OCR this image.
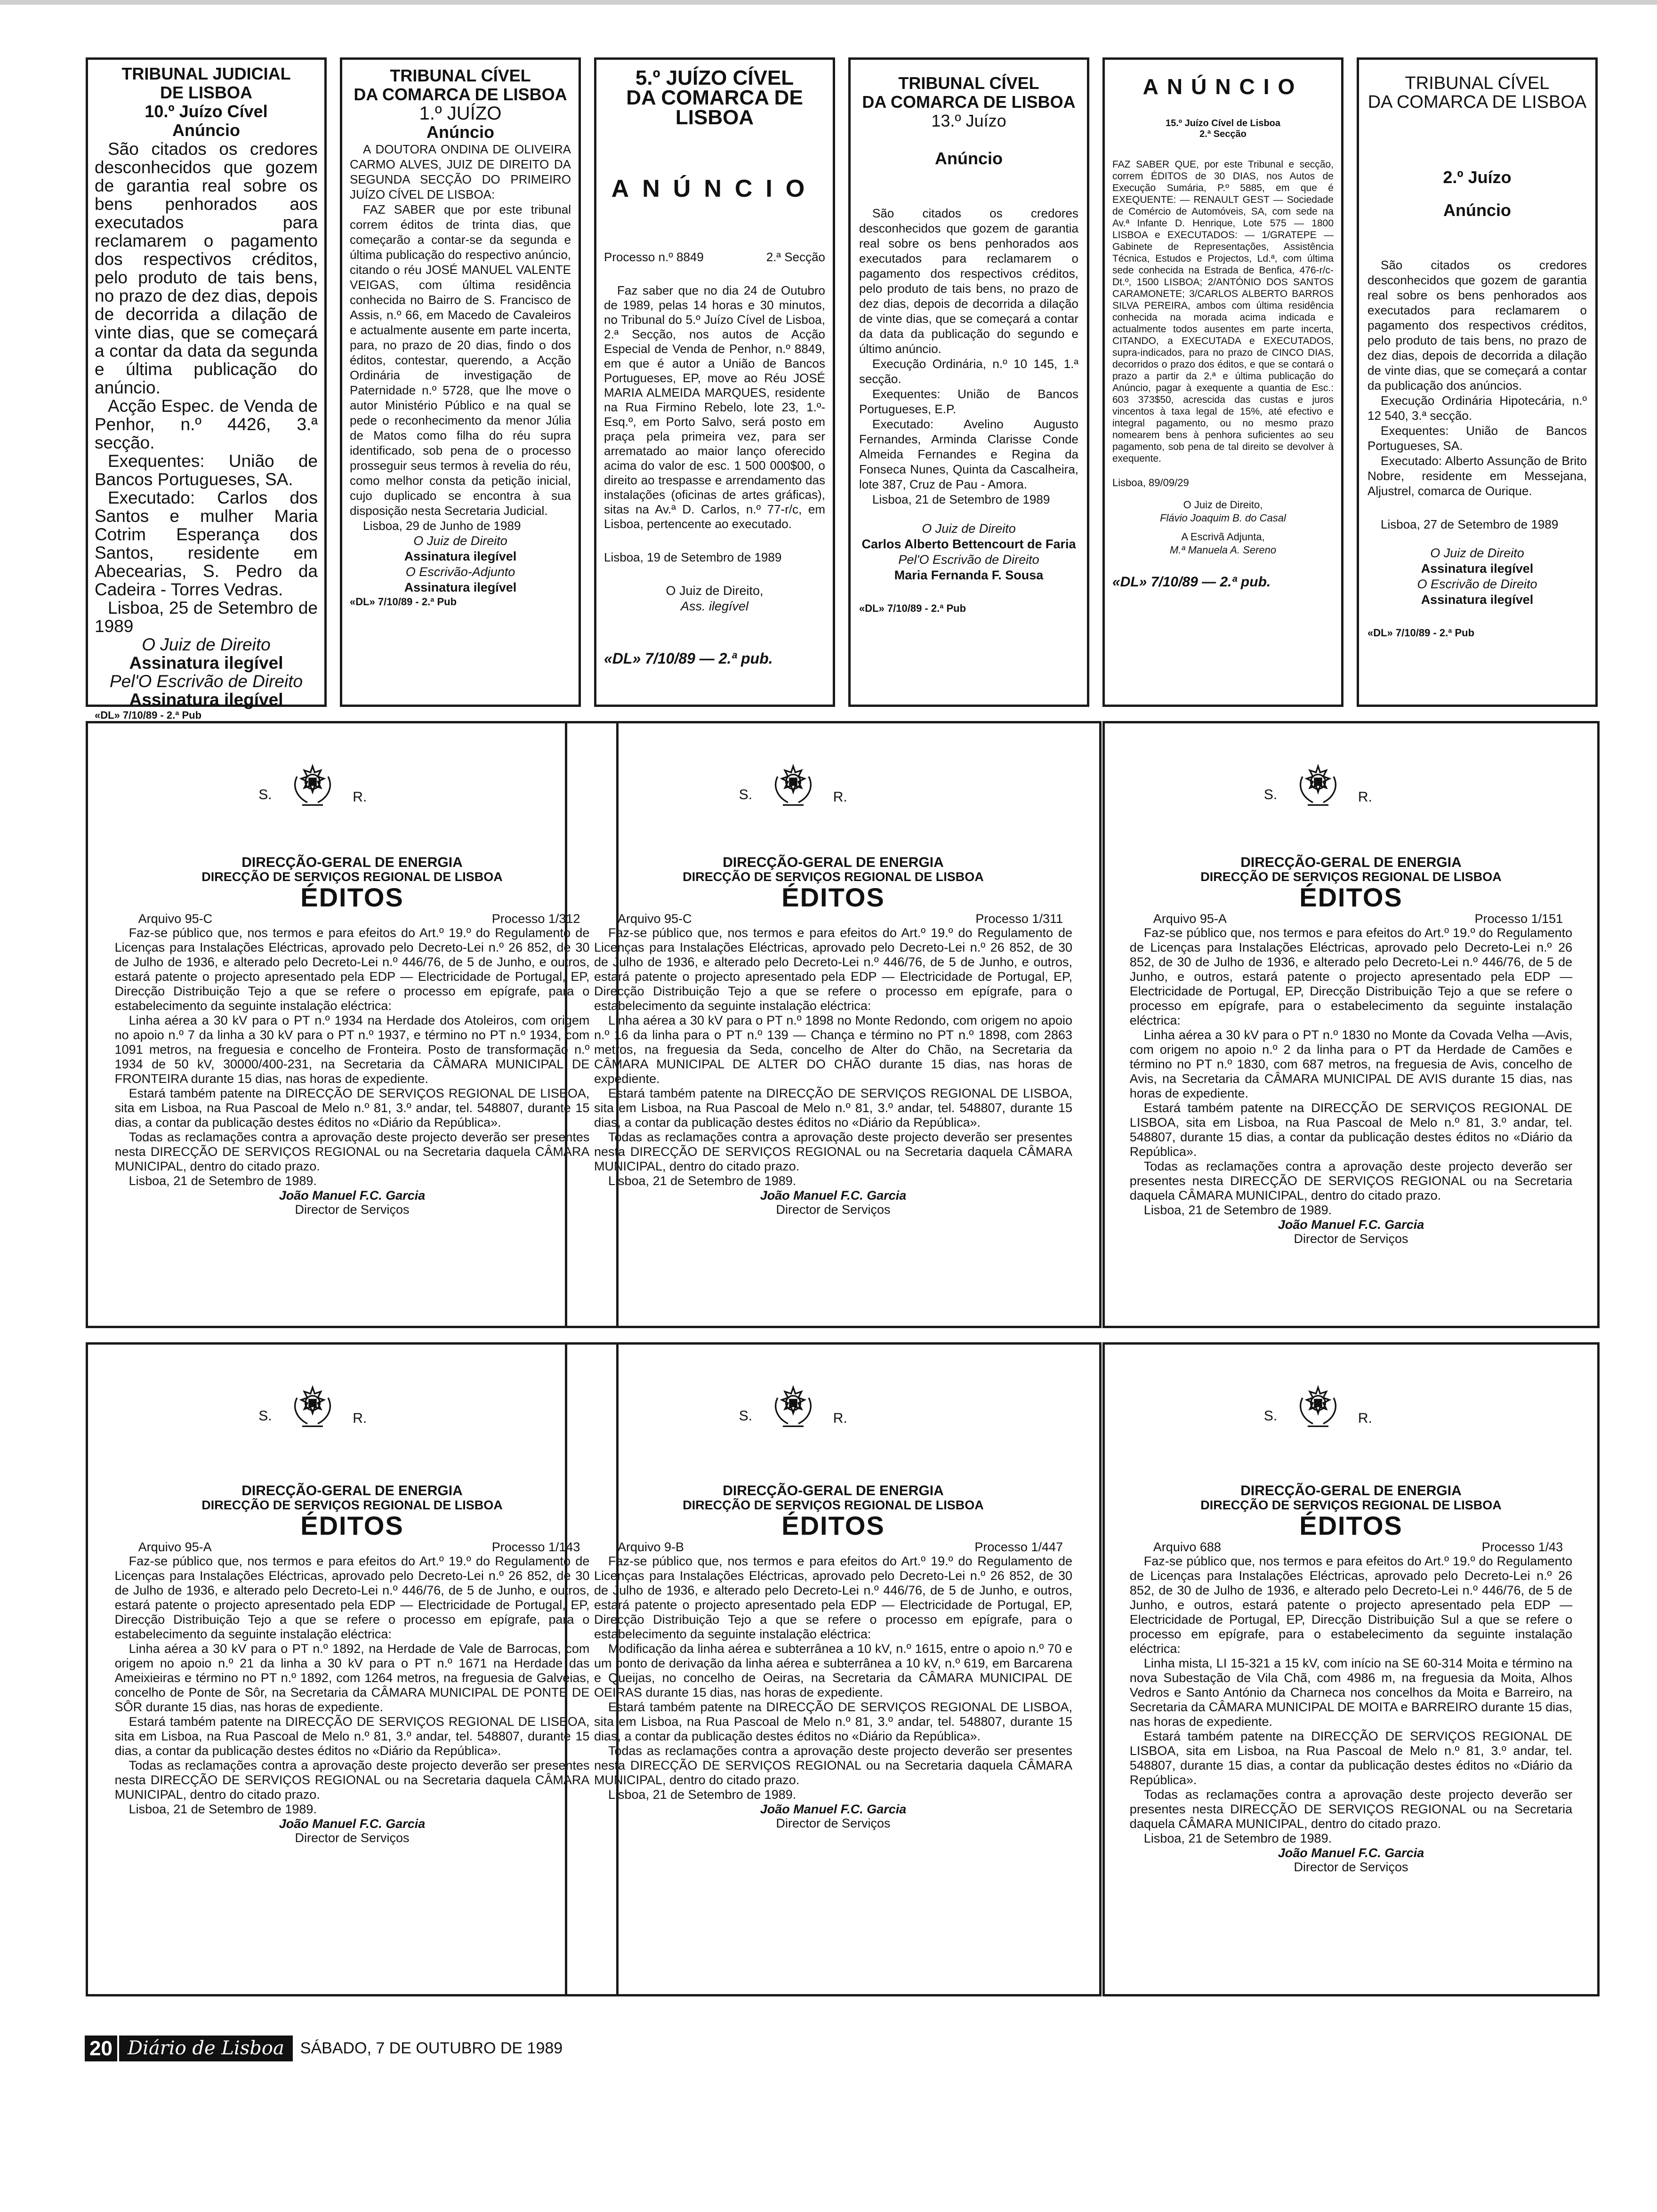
TRIBUNAL JUDICIAL

DE LISBOA

10.º Juízo Cível

Anúncio

São citados os credores desconhecidos que gozem de garantia real sobre os bens penhorados aos executados para reclamarem o pagamento dos respectivos créditos, pelo produto de tais bens, no prazo de dez dias, depois de decorrida a dilação de vinte dias, que se começará a contar da data da segunda e última publicação do anúncio.

Acção Espec. de Venda de Penhor, n.º 4426, 3.ª secção.

Exequentes: União de Bancos Portugueses, SA.

Executado: Carlos dos Santos e mulher Maria Cotrim Esperança dos Santos, residente em Abecearias, S. Pedro da Cadeira - Torres Vedras.

Lisboa, 25 de Setembro de 1989

O Juiz de Direito

Assinatura ilegível

Pel'O Escrivão de Direito

Assinatura ilegível

«DL» 7/10/89 - 2.ª Pub

TRIBUNAL CÍVEL

DA COMARCA DE LISBOA

1.º JUÍZO

Anúncio

A DOUTORA ONDINA DE OLIVEIRA CARMO ALVES, JUIZ DE DIREITO DA SEGUNDA SECÇÃO DO PRIMEIRO JUÍZO CÍVEL DE LISBOA:

FAZ SABER que por este tribunal correm éditos de trinta dias, que começarão a contar-se da segunda e última publicação do respectivo anúncio, citando o réu JOSÉ MANUEL VALENTE VEIGAS, com última residência conhecida no Bairro de S. Francisco de Assis, n.º 66, em Macedo de Cavaleiros e actualmente ausente em parte incerta, para, no prazo de 20 dias, findo o dos éditos, contestar, querendo, a Acção Ordinária de investigação de Paternidade n.º 5728, que lhe move o autor Ministério Público e na qual se pede o reconhecimento da menor Júlia de Matos como filha do réu supra identificado, sob pena de o processo prosseguir seus termos à revelia do réu, como melhor consta da petição inicial, cujo duplicado se encontra à sua disposição nesta Secretaria Judicial.

Lisboa, 29 de Junho de 1989

O Juiz de Direito

Assinatura ilegível

O Escrivão-Adjunto

Assinatura ilegível

«DL» 7/10/89 - 2.ª Pub

5.º JUÍZO CÍVEL

DA COMARCA DE

LISBOA

ANÚNCIO

Processo n.º 8849	2.ª Secção

Faz saber que no dia 24 de Outubro de 1989, pelas 14 horas e 30 minutos, no Tribunal do 5.º Juízo Cível de Lisboa, 2.ª Secção, nos autos de Acção Especial de Venda de Penhor, n.º 8849, em que é autor a União de Bancos Portugueses, EP, move ao Réu JOSÉ MARIA ALMEIDA MARQUES, residente na Rua Firmino Rebelo, lote 23, 1.º-Esq.º, em Porto Salvo, será posto em praça pela primeira vez, para ser arrematado ao maior lanço oferecido acima do valor de esc. 1 500 000$00, o direito ao trespasse e arrendamento das instalações (oficinas de artes gráficas), sitas na Av.ª D. Carlos, n.º 77-r/c, em Lisboa, pertencente ao executado.

Lisboa, 19 de Setembro de 1989

O Juiz de Direito,

Ass. ilegível

«DL» 7/10/89 — 2.ª pub.

TRIBUNAL CÍVEL

DA COMARCA DE LISBOA

13.º Juízo

Anúncio

São citados os credores desconhecidos que gozem de garantia real sobre os bens penhorados aos executados para reclamarem o pagamento dos respectivos créditos, pelo produto de tais bens, no prazo de dez dias, depois de decorrida a dilação de vinte dias, que se começará a contar da data da publicação do segundo e último anúncio.

Execução Ordinária, n.º 10 145, 1.ª secção.

Exequentes: União de Bancos Portugueses, E.P.

Executado: Avelino Augusto Fernandes, Arminda Clarisse Conde Almeida Fernandes e Regina da Fonseca Nunes, Quinta da Cascalheira, lote 387, Cruz de Pau - Amora.

Lisboa, 21 de Setembro de 1989

O Juiz de Direito

Carlos Alberto Bettencourt de Faria

Pel'O Escrivão de Direito

Maria Fernanda F. Sousa

«DL» 7/10/89 - 2.ª Pub

ANÚNCIO

15.º Juízo Cível de Lisboa

2.ª Secção

FAZ SABER QUE, por este Tribunal e secção, correm ÉDITOS de 30 DIAS, nos Autos de Execução Sumária, P.º 5885, em que é EXEQUENTE: — RENAULT GEST — Sociedade de Comércio de Automóveis, SA, com sede na Av.ª Infante D. Henrique, Lote 575 — 1800 LISBOA e EXECUTADOS: — 1/GRATEPE — Gabinete de Representações, Assistência Técnica, Estudos e Projectos, Ld.ª, com última sede conhecida na Estrada de Benfica, 476-r/c-Dt.º, 1500 LISBOA; 2/ANTÓNIO DOS SANTOS CARAMONETE; 3/CARLOS ALBERTO BARROS SILVA PEREIRA, ambos com última residência conhecida na morada acima indicada e actualmente todos ausentes em parte incerta, CITANDO, a EXECUTADA e EXECUTADOS, supra-indicados, para no prazo de CINCO DIAS, decorridos o prazo dos éditos, e que se contará o prazo a partir da 2.ª e última publicação do Anúncio, pagar à exequente a quantia de Esc.: 603 373$50, acrescida das custas e juros vincentos à taxa legal de 15%, até efectivo e integral pagamento, ou no mesmo prazo nomearem bens à penhora suficientes ao seu pagamento, sob pena de tal direito se devolver à exequente.

Lisboa, 89/09/29

O Juiz de Direito,

Flávio Joaquim B. do Casal

A Escrivã Adjunta,

M.ª Manuela A. Sereno

«DL» 7/10/89 — 2.ª pub.

TRIBUNAL CÍVEL

DA COMARCA DE LISBOA

2.º Juízo

Anúncio

São citados os credores desconhecidos que gozem de garantia real sobre os bens penhorados aos executados para reclamarem o pagamento dos respectivos créditos, pelo produto de tais bens, no prazo de dez dias, depois de decorrida a dilação de vinte dias, que se começará a contar da publicação dos anúncios.

Execução Ordinária Hipotecária, n.º 12 540, 3.ª secção.

Exequentes: União de Bancos Portugueses, SA.

Executado: Alberto Assunção de Brito Nobre, residente em Messejana, Aljustrel, comarca de Ourique.

Lisboa, 27 de Setembro de 1989

O Juiz de Direito

Assinatura ilegível

O Escrivão de Direito

Assinatura ilegível

«DL» 7/10/89 - 2.ª Pub

S.	R.

DIRECÇÃO-GERAL DE ENERGIA

DIRECÇÃO DE SERVIÇOS REGIONAL DE LISBOA

ÉDITOS

Arquivo 95-C	Processo 1/312

Faz-se público que, nos termos e para efeitos do Art.º 19.º do Regulamento de Licenças para Instalações Eléctricas, aprovado pelo Decreto-Lei n.º 26 852, de 30 de Julho de 1936, e alterado pelo Decreto-Lei n.º 446/76, de 5 de Junho, e outros, estará patente o projecto apresentado pela EDP — Electricidade de Portugal, EP, Direcção Distribuição Tejo a que se refere o processo em epígrafe, para o estabelecimento da seguinte instalação eléctrica:

Linha aérea a 30 kV para o PT n.º 1934 na Herdade dos Atoleiros, com origem no apoio n.º 7 da linha a 30 kV para o PT n.º 1937, e término no PT n.º 1934, com 1091 metros, na freguesia e concelho de Fronteira. Posto de transformação n.º 1934 de 50 kV, 30000/400-231, na Secretaria da CÂMARA MUNICIPAL DE FRONTEIRA durante 15 dias, nas horas de expediente.

Estará também patente na DIRECÇÃO DE SERVIÇOS REGIONAL DE LISBOA, sita em Lisboa, na Rua Pascoal de Melo n.º 81, 3.º andar, tel. 548807, durante 15 dias, a contar da publicação destes éditos no «Diário da República».

Todas as reclamações contra a aprovação deste projecto deverão ser presentes nesta DIRECÇÃO DE SERVIÇOS REGIONAL ou na Secretaria daquela CÂMARA MUNICIPAL, dentro do citado prazo.

Lisboa, 21 de Setembro de 1989.

João Manuel F.C. Garcia

Director de Serviços

S.	R.

DIRECÇÃO-GERAL DE ENERGIA

DIRECÇÃO DE SERVIÇOS REGIONAL DE LISBOA

ÉDITOS

Arquivo 95-C	Processo 1/311

Faz-se público que, nos termos e para efeitos do Art.º 19.º do Regulamento de Licenças para Instalações Eléctricas, aprovado pelo Decreto-Lei n.º 26 852, de 30 de Julho de 1936, e alterado pelo Decreto-Lei n.º 446/76, de 5 de Junho, e outros, estará patente o projecto apresentado pela EDP — Electricidade de Portugal, EP, Direcção Distribuição Tejo a que se refere o processo em epígrafe, para o estabelecimento da seguinte instalação eléctrica:

Linha aérea a 30 kV para o PT n.º 1898 no Monte Redondo, com origem no apoio n.º 16 da linha para o PT n.º 139 — Chança e término no PT n.º 1898, com 2863 metros, na freguesia da Seda, concelho de Alter do Chão, na Secretaria da CÂMARA MUNICIPAL DE ALTER DO CHÃO durante 15 dias, nas horas de expediente.

Estará também patente na DIRECÇÃO DE SERVIÇOS REGIONAL DE LISBOA, sita em Lisboa, na Rua Pascoal de Melo n.º 81, 3.º andar, tel. 548807, durante 15 dias, a contar da publicação destes éditos no «Diário da República».

Todas as reclamações contra a aprovação deste projecto deverão ser presentes nesta DIRECÇÃO DE SERVIÇOS REGIONAL ou na Secretaria daquela CÂMARA MUNICIPAL, dentro do citado prazo.

Lisboa, 21 de Setembro de 1989.

João Manuel F.C. Garcia

Director de Serviços

S.	R.

DIRECÇÃO-GERAL DE ENERGIA

DIRECÇÃO DE SERVIÇOS REGIONAL DE LISBOA

ÉDITOS

Arquivo 95-A	Processo 1/151

Faz-se público que, nos termos e para efeitos do Art.º 19.º do Regulamento de Licenças para Instalações Eléctricas, aprovado pelo Decreto-Lei n.º 26 852, de 30 de Julho de 1936, e alterado pelo Decreto-Lei n.º 446/76, de 5 de Junho, e outros, estará patente o projecto apresentado pela EDP — Electricidade de Portugal, EP, Direcção Distribuição Tejo a que se refere o processo em epígrafe, para o estabelecimento da seguinte instalação eléctrica:

Linha aérea a 30 kV para o PT n.º 1830 no Monte da Covada Velha —Avis, com origem no apoio n.º 2 da linha para o PT da Herdade de Camões e término no PT n.º 1830, com 687 metros, na freguesia de Avis, concelho de Avis, na Secretaria da CÂMARA MUNICIPAL DE AVIS durante 15 dias, nas horas de expediente.

Estará também patente na DIRECÇÃO DE SERVIÇOS REGIONAL DE LISBOA, sita em Lisboa, na Rua Pascoal de Melo n.º 81, 3.º andar, tel. 548807, durante 15 dias, a contar da publicação destes éditos no «Diário da República».

Todas as reclamações contra a aprovação deste projecto deverão ser presentes nesta DIRECÇÃO DE SERVIÇOS REGIONAL ou na Secretaria daquela CÂMARA MUNICIPAL, dentro do citado prazo.

Lisboa, 21 de Setembro de 1989.

João Manuel F.C. Garcia

Director de Serviços

S.	R.

DIRECÇÃO-GERAL DE ENERGIA

DIRECÇÃO DE SERVIÇOS REGIONAL DE LISBOA

ÉDITOS

Arquivo 95-A	Processo 1/143

Faz-se público que, nos termos e para efeitos do Art.º 19.º do Regulamento de Licenças para Instalações Eléctricas, aprovado pelo Decreto-Lei n.º 26 852, de 30 de Julho de 1936, e alterado pelo Decreto-Lei n.º 446/76, de 5 de Junho, e outros, estará patente o projecto apresentado pela EDP — Electricidade de Portugal, EP, Direcção Distribuição Tejo a que se refere o processo em epígrafe, para o estabelecimento da seguinte instalação eléctrica:

Linha aérea a 30 kV para o PT n.º 1892, na Herdade de Vale de Barrocas, com origem no apoio n.º 21 da linha a 30 kV para o PT n.º 1671 na Herdade das Ameixieiras e término no PT n.º 1892, com 1264 metros, na freguesia de Galveias, concelho de Ponte de Sôr, na Secretaria da CÂMARA MUNICIPAL DE PONTE DE SÔR durante 15 dias, nas horas de expediente.

Estará também patente na DIRECÇÃO DE SERVIÇOS REGIONAL DE LISBOA, sita em Lisboa, na Rua Pascoal de Melo n.º 81, 3.º andar, tel. 548807, durante 15 dias, a contar da publicação destes éditos no «Diário da República».

Todas as reclamações contra a aprovação deste projecto deverão ser presentes nesta DIRECÇÃO DE SERVIÇOS REGIONAL ou na Secretaria daquela CÂMARA MUNICIPAL, dentro do citado prazo.

Lisboa, 21 de Setembro de 1989.

João Manuel F.C. Garcia

Director de Serviços

S.	R.

DIRECÇÃO-GERAL DE ENERGIA

DIRECÇÃO DE SERVIÇOS REGIONAL DE LISBOA

ÉDITOS

Arquivo 9-B	Processo 1/447

Faz-se público que, nos termos e para efeitos do Art.º 19.º do Regulamento de Licenças para Instalações Eléctricas, aprovado pelo Decreto-Lei n.º 26 852, de 30 de Julho de 1936, e alterado pelo Decreto-Lei n.º 446/76, de 5 de Junho, e outros, estará patente o projecto apresentado pela EDP — Electricidade de Portugal, EP, Direcção Distribuição Tejo a que se refere o processo em epígrafe, para o estabelecimento da seguinte instalação eléctrica:

Modificação da linha aérea e subterrânea a 10 kV, n.º 1615, entre o apoio n.º 70 e um ponto de derivação da linha aérea e subterrânea a 10 kV, n.º 619, em Barcarena e Queijas, no concelho de Oeiras, na Secretaria da CÂMARA MUNICIPAL DE OEIRAS durante 15 dias, nas horas de expediente.

Estará também patente na DIRECÇÃO DE SERVIÇOS REGIONAL DE LISBOA, sita em Lisboa, na Rua Pascoal de Melo n.º 81, 3.º andar, tel. 548807, durante 15 dias, a contar da publicação destes éditos no «Diário da República».

Todas as reclamações contra a aprovação deste projecto deverão ser presentes nesta DIRECÇÃO DE SERVIÇOS REGIONAL ou na Secretaria daquela CÂMARA MUNICIPAL, dentro do citado prazo.

Lisboa, 21 de Setembro de 1989.

João Manuel F.C. Garcia

Director de Serviços

S.	R.

DIRECÇÃO-GERAL DE ENERGIA

DIRECÇÃO DE SERVIÇOS REGIONAL DE LISBOA

ÉDITOS

Arquivo 688	Processo 1/43

Faz-se público que, nos termos e para efeitos do Art.º 19.º do Regulamento de Licenças para Instalações Eléctricas, aprovado pelo Decreto-Lei n.º 26 852, de 30 de Julho de 1936, e alterado pelo Decreto-Lei n.º 446/76, de 5 de Junho, e outros, estará patente o projecto apresentado pela EDP — Electricidade de Portugal, EP, Direcção Distribuição Sul a que se refere o processo em epígrafe, para o estabelecimento da seguinte instalação eléctrica:

Linha mista, LI 15-321 a 15 kV, com início na SE 60-314 Moita e término na nova Subestação de Vila Chã, com 4986 m, na freguesia da Moita, Alhos Vedros e Santo António da Charneca nos concelhos da Moita e Barreiro, na Secretaria da CÂMARA MUNICIPAL DE MOITA e BARREIRO durante 15 dias, nas horas de expediente.

Estará também patente na DIRECÇÃO DE SERVIÇOS REGIONAL DE LISBOA, sita em Lisboa, na Rua Pascoal de Melo n.º 81, 3.º andar, tel. 548807, durante 15 dias, a contar da publicação destes éditos no «Diário da República».

Todas as reclamações contra a aprovação deste projecto deverão ser presentes nesta DIRECÇÃO DE SERVIÇOS REGIONAL ou na Secretaria daquela CÂMARA MUNICIPAL, dentro do citado prazo.

Lisboa, 21 de Setembro de 1989.

João Manuel F.C. Garcia

Director de Serviços

20 Diário de Lisboa	SÁBADO, 7 DE OUTUBRO DE 1989
